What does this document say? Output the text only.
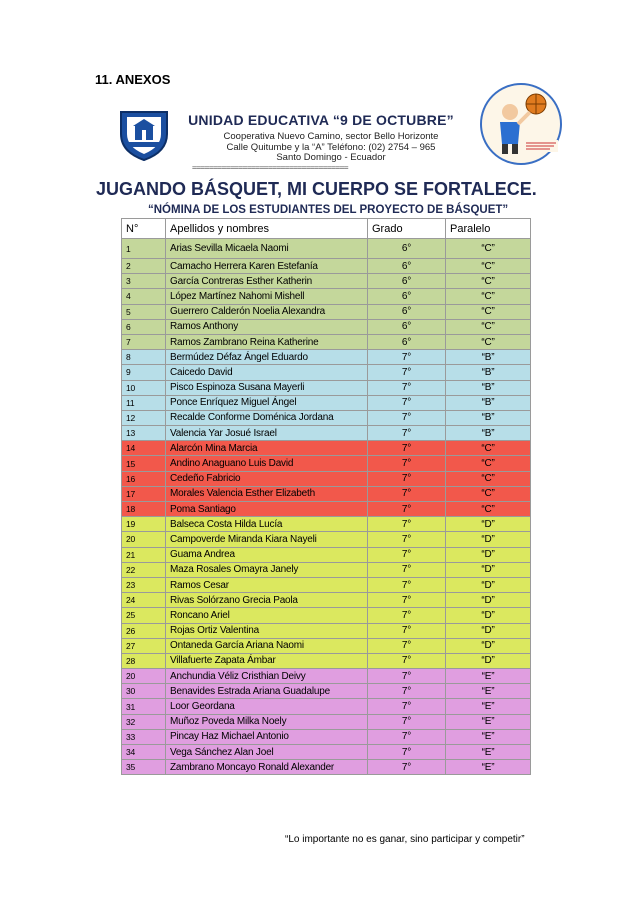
11. ANEXOS
UNIDAD EDUCATIVA “9 DE OCTUBRE”
Cooperativa Nuevo Camino, sector Bello Horizonte
Calle Quitumbe y la “A” Teléfono: (02) 2754 – 965
Santo Domingo - Ecuador
=====================================
JUGANDO BÁSQUET, MI CUERPO SE FORTALECE.
“NÓMINA DE LOS ESTUDIANTES DEL PROYECTO DE BÁSQUET”
N°	Apellidos y nombres	Grado	Paralelo
1	Arias Sevilla Micaela Naomi	6°	“C”
2	Camacho Herrera Karen Estefanía	6°	“C”
3	García Contreras Esther Katherin	6°	“C”
4	López Martínez Nahomi Mishell	6°	“C”
5	Guerrero Calderón Noelia Alexandra	6°	“C”
6	Ramos Anthony	6°	“C”
7	Ramos Zambrano Reina Katherine	6°	“C”
8	Bermúdez Défaz Ángel Eduardo	7°	“B”
9	Caicedo David	7°	“B”
10	Pisco Espinoza Susana Mayerli	7°	“B”
11	Ponce Enríquez Miguel Ángel	7°	“B”
12	Recalde Conforme Doménica Jordana	7°	“B”
13	Valencia Yar Josué Israel	7°	“B”
14	Alarcón Mina Marcia	7°	“C”
15	Andino Anaguano Luis David	7°	“C”
16	Cedeño Fabricio	7°	“C”
17	Morales Valencia Esther Elizabeth	7°	“C”
18	Poma Santiago	7°	“C”
19	Balseca Costa Hilda Lucía	7°	“D”
20	Campoverde Miranda Kiara Nayeli	7°	“D”
21	Guama Andrea	7°	“D”
22	Maza Rosales Omayra Janely	7°	“D”
23	Ramos Cesar	7°	“D”
24	Rivas Solórzano Grecia Paola	7°	“D”
25	Roncano Ariel	7°	“D”
26	Rojas Ortiz Valentina	7°	“D”
27	Ontaneda García Ariana Naomi	7°	“D”
28	Villafuerte Zapata Ámbar	7°	“D”
20	Anchundia Véliz Cristhian Deivy	7°	“E”
30	Benavides Estrada Ariana Guadalupe	7°	“E”
31	Loor Geordana	7°	“E”
32	Muñoz Poveda Milka Noely	7°	“E”
33	Pincay Haz Michael Antonio	7°	“E”
34	Vega Sánchez Alan Joel	7°	“E”
35	Zambrano Moncayo Ronald Alexander	7°	“E”
“Lo importante no es ganar, sino participar y competir”
